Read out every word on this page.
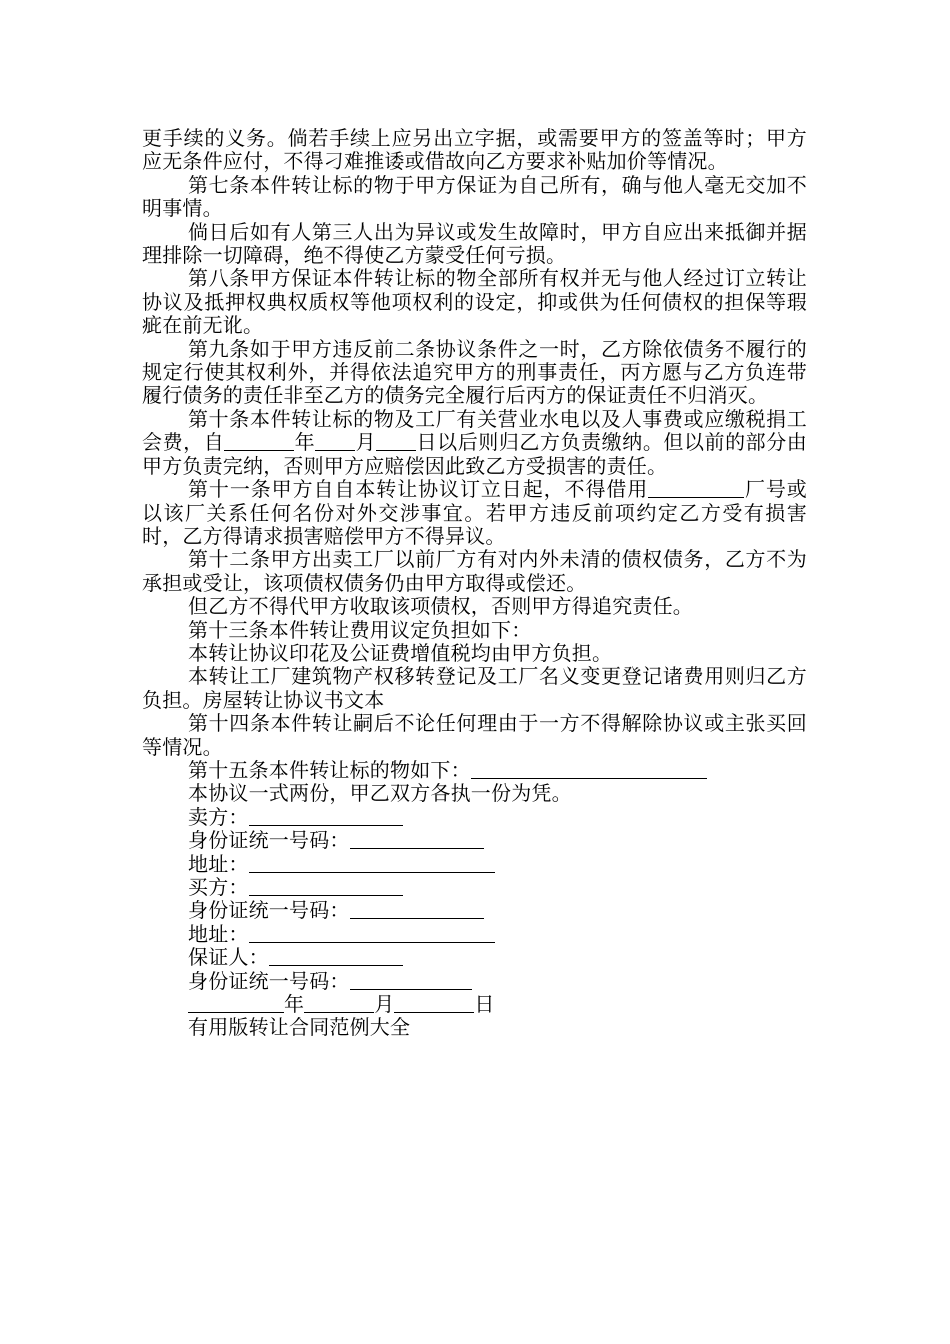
更手续的义务。倘若手续上应另出立字据，或需要甲方的签盖等时；甲方应无条件应付，不得刁难推诿或借故向乙方要求补贴加价等情况。

第七条本件转让标的物于甲方保证为自己所有，确与他人毫无交加不明事情。

倘日后如有人第三人出为异议或发生故障时，甲方自应出来抵御并据理排除一切障碍，绝不得使乙方蒙受任何亏损。

第八条甲方保证本件转让标的物全部所有权并无与他人经过订立转让协议及抵押权典权质权等他项权利的设定，抑或供为任何债权的担保等瑕疵在前无讹。

第九条如于甲方违反前二条协议条件之一时，乙方除依债务不履行的规定行使其权利外，并得依法追究甲方的刑事责任，丙方愿与乙方负连带履行债务的责任非至乙方的债务完全履行后丙方的保证责任不归消灭。

第十条本件转让标的物及工厂有关营业水电以及人事费或应缴税捐工会费，自	年 月 日以后则归乙方负责缴纳。但以前的部分由甲方负责完纳，否则甲方应赔偿因此致乙方受损害的责任。

第十一条甲方自自本转让协议订立日起，不得借用	厂号或以该厂关系任何名份对外交涉事宜。若甲方违反前项约定乙方受有损害时，乙方得请求损害赔偿甲方不得异议。

第十二条甲方出卖工厂以前厂方有对内外未清的债权债务，乙方不为承担或受让，该项债权债务仍由甲方取得或偿还。

但乙方不得代甲方收取该项债权，否则甲方得追究责任。

第十三条本件转让费用议定负担如下：

本转让协议印花及公证费增值税均由甲方负担。

本转让工厂建筑物产权移转登记及工厂名义变更登记诸费用则归乙方负担。房屋转让协议书文本

第十四条本件转让嗣后不论任何理由于一方不得解除协议或主张买回等情况。

第十五条本件转让标的物如下：

本协议一式两份，甲乙双方各执一份为凭。

卖方：

身份证统一号码：

地址：

买方：

身份证统一号码：

地址：

保证人：

身份证统一号码：

年	月	日

有用版转让合同范例大全
